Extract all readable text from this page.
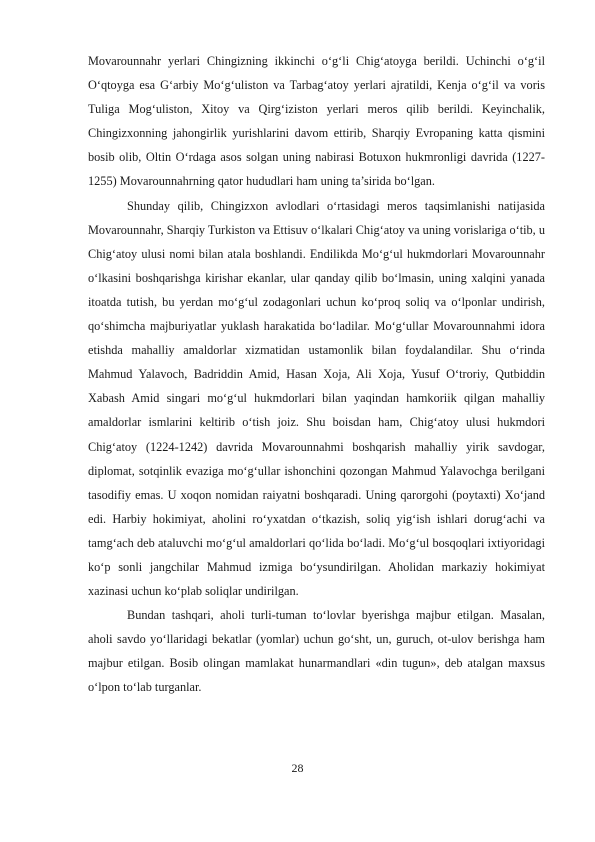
Movarounnahr yerlari Chingizning ikkinchi o‘g‘li Chig‘atoyga berildi. Uchinchi o‘g‘il O‘qtoyga esa G‘arbiy Mo‘g‘uliston va Tarbag‘atoy yerlari ajratildi, Kenja o‘g‘il va voris Tuliga Mog‘uliston, Xitoy va Qirg‘iziston yerlari meros qilib berildi. Keyinchalik, Chingizxonning jahongirlik yurishlarini davom ettirib, Sharqiy Evropaning katta qismini bosib olib, Oltin O‘rdaga asos solgan uning nabirasi Botuxon hukmronligi davrida (1227-1255) Movarounnahrning qator hududlari ham uning ta’sirida bo‘lgan.

Shunday qilib, Chingizxon avlodlari o‘rtasidagi meros taqsimlanishi natijasida Movarounnahr, Sharqiy Turkiston va Ettisuv o‘lkalari Chig‘atoy va uning vorislariga o‘tib, u Chig‘atoy ulusi nomi bilan atala boshlandi. Endilikda Mo‘g‘ul hukmdorlari Movarounnahr o‘lkasini boshqarishga kirishar ekanlar, ular qanday qilib bo‘lmasin, uning xalqini yanada itoatda tutish, bu yerdan mo‘g‘ul zodagonlari uchun ko‘proq soliq va o‘lponlar undirish, qo‘shimcha majburiyatlar yuklash harakatida bo‘ladilar. Mo‘g‘ullar Movarounnahmi idora etishda mahalliy amaldorlar xizmatidan ustamonlik bilan foydalandilar. Shu o‘rinda Mahmud Yalavoch, Badriddin Amid, Hasan Xoja, Ali Xoja, Yusuf O‘troriy, Qutbiddin Xabash Amid singari mo‘g‘ul hukmdorlari bilan yaqindan hamkoriik qilgan mahalliy amaldorlar ismlarini keltirib o‘tish joiz. Shu boisdan ham, Chig‘atoy ulusi hukmdori Chig‘atoy (1224-1242) davrida Movarounnahmi boshqarish mahalliy yirik savdogar, diplomat, sotqinlik evaziga mo‘g‘ullar ishonchini qozongan Mahmud Yalavochga berilgani tasodifiy emas. U xoqon nomidan raiyatni boshqaradi. Uning qarorgohi (poytaxti) Xo‘jand edi. Harbiy hokimiyat, aholini ro‘yxatdan o‘tkazish, soliq yig‘ish ishlari dorug‘achi va tamg‘ach deb ataluvchi mo‘g‘ul amaldorlari qo‘lida bo‘ladi. Mo‘g‘ul bosqoqlari ixtiyoridagi ko‘p sonli jangchilar Mahmud izmiga bo‘ysundirilgan. Aholidan markaziy hokimiyat xazinasi uchun ko‘plab soliqlar undirilgan.

Bundan tashqari, aholi turli-tuman to‘lovlar byerishga majbur etilgan. Masalan, aholi savdo yo‘llaridagi bekatlar (yomlar) uchun go‘sht, un, guruch, ot-ulov berishga ham majbur etilgan. Bosib olingan mamlakat hunarmandlari «din tugun», deb atalgan maxsus o‘lpon to‘lab turganlar.

28
